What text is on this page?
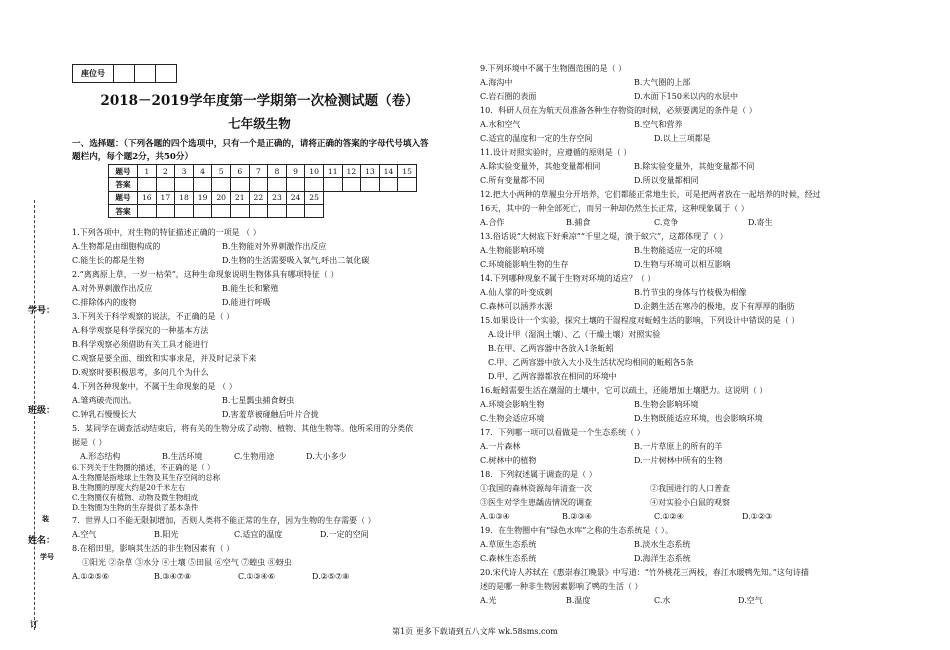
座位号			
2018－2019学年度第一学期第一次检测试题（卷）
七年级生物
一、选择题：（下列各题的四个选项中，只有一个是正确的，请将正确的答案的字母代号填入答
题栏内，每个题2分，共50分）
题号	1	2	3	4	5	6	7	8	9	10	11	12	13	14	15
答案															
题号	16	17	18	19	20	21	22	23	24	25					
答案															
学号：
班级：
姓名：
学号
装
订
1.下列各项中，对生物的特征描述正确的一项是 （ ）
A.生物都是由细胞构成的	B.生物能对外界刺激作出反应
C.能生长的都是生物	D.生物的生活需要吸入氧气,呼出二氧化碳
2.“离离原上草，一岁一枯荣”，这种生命现象说明生物体具有哪项特征（ ）
A.对外界刺激作出反应	B.能生长和繁殖
C.排除体内的废物	D.能进行呼吸
3.下列关于科学观察的说法，不正确的是（ ）
A.科学观察是科学探究的一种基本方法
B.科学观察必须借助有关工具才能进行
C.观察是要全面、细致和实事求是，并及时记录下来
D.观察时要积极思考，多问几个为什么
4.下列各种现象中，不属于生命现象的是 （ ）
A.雏鸡破壳而出。	B.七星瓢虫捕食蚜虫
C.钟乳石慢慢长大	D.害羞草被碰触后叶片合拢
5．某同学在调查活动结束后，将有关的生物分成了动物、植物、其他生物等。他所采用的分类依
据是（ ）
A.形态结构	B.生活环境	C.生物用途	D.大小多少
6.下列关于生物圈的描述，不正确的是（ ）
A.生物圈是指地球上生物及其生存空间的总称
B.生物圈的厚度大约是20千米左右
C.生物圈仅有植物、动物及微生物组成
D.生物圈为生物的生存提供了基本条件
7．世界人口不能无限制增加，否则人类将不能正常的生存，因为生物的生存需要（ ）
A.空气	B.阳光	C.适宜的温度	D.一定的空间
8.在稻田里，影响其生活的非生物因素有（ ）
①阳光 ②杂草 ③水分 ④土壤 ⑤田鼠 ⑥空气 ⑦蝗虫 ⑧蚜虫
A.①②⑤⑥	B.③④⑦⑧	C.①③④⑥	D.②⑤⑦⑧
9.下列环境中不属于生物圈范围的是（ ）
A.海沟中	B.大气圈的上部
C.岩石圈的表面	D.水面下150米以内的水层中
10．科研人员在为航天员准备各种生存物资的时候，必须要满足的条件是（ ）
A.水和空气	B.空气和营养
C.适宜的温度和一定的生存空间	D.以上三项都是
11.设计对照实验时，应遵循的原则是（ ）
A.除实验变量外，其他变量都相同	B.除实验变量外，其他变量都不同
C.所有变量都不同	D.所以变量都相同
12.把大小两种的草履虫分开培养，它们都能正常地生长，可是把两者放在一起培养的时候，经过
16天，其中的一种全部死亡，而另一种却仍然生长正常，这种现象属于（ ）
A.合作	B.捕食	C.竞争	D.寄生
13.俗话说“大树底下好乘凉”“千里之堤，溃于蚁穴”，这都体现了（ ）
A.生物能影响环境	B.生物能适应一定的环境
C.环境能影响生物的生存	D.生物与环境可以相互影响
14.下列哪种现象不属于生物对环境的适应？（ ）
A.仙人掌的叶变成刺	B.竹节虫的身体与竹枝极为相像
C.森林可以涵养水源	D.企鹅生活在寒冷的极地，皮下有厚厚的脂肪
15.如果设计一个实验，探究土壤的干湿程度对蚯蚓生活的影响，下列设计中错误的是（ ）
A.设计甲（湿润土壤）、乙（干燥土壤）对照实验
B.在甲、乙两容器中各放入1条蚯蚓
C.甲、乙两容器中放入大小及生活状况均相同的蚯蚓各5条
D.甲、乙两容器都放在相同的环境中
16.蚯蚓需要生活在潮湿的土壤中，它可以疏土，还能增加土壤肥力。这说明（ ）
A.环境会影响生物	B.生物会影响环境
C.生物会适应环境	D.生物既能适应环境，也会影响环境
17．下列哪一项可以看做是一个生态系统（ ）
A.一片森林	B.一片草原上的所有的羊
C.树林中的植物	D.一片树林中所有的生物
18．下列叙述属于调查的是（ ）
①我国的森林资源每年清查一次	②我国进行的人口普查
③医生对学生患龋齿情况的调查	④对实验小白鼠的观察
A.①③④	B.②③④	C.①②④	D.①②③
19．在生物圈中有“绿色水库”之称的生态系统是（ ）。
A.草原生态系统	B.淡水生态系统
C.森林生态系统	D.海洋生态系统
20.宋代诗人苏轼在《惠崇春江晚景》中写道：“竹外桃花三两枝，春江水暖鸭先知。”这句诗描
述的是哪一种非生物因素影响了鸭的生活（ ）
A.光	B.温度	C.水	D.空气
第1页 更多下载请到五八文库 wk.58sms.com
